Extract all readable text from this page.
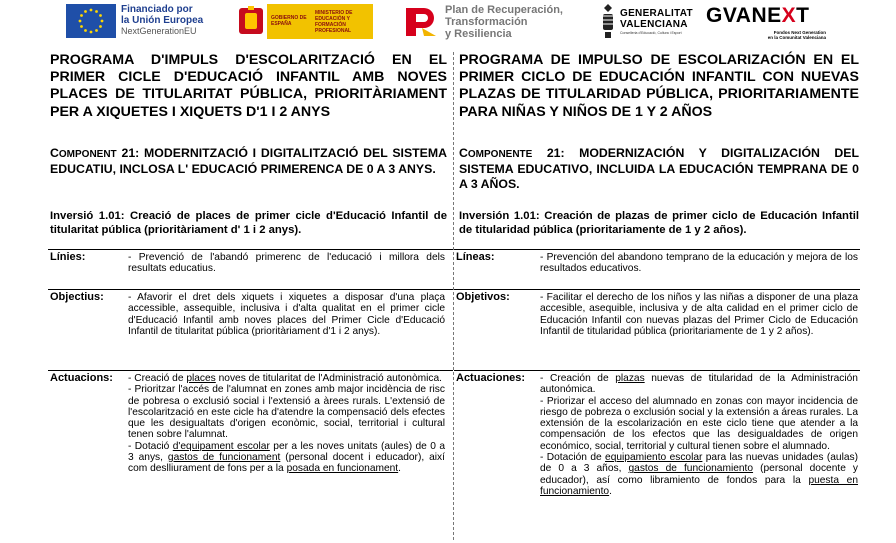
Financiado por
la Unión Europea
NextGenerationEU
GOBIERNO DE ESPAÑA
MINISTERIO DE EDUCACIÓN Y FORMACIÓN PROFESIONAL
Plan de Recuperación,
Transformación
y Resiliencia
GENERALITAT
VALENCIANA
Conselleria d'Educació, Cultura i Esport
GVANEXT
Fondos Next Generation
en la Comunitat Valenciana
PROGRAMA D'IMPULS D'ESCOLARITZACIÓ EN EL PRIMER CICLE D'EDUCACIÓ INFANTIL AMB NOVES PLACES DE TITULARITAT PÚBLICA, PRIORITÀRIAMENT PER A XIQUETES I XIQUETS D'1 I 2 ANYS
COMPONENT 21: MODERNITZACIÓ I DIGITALITZACIÓ DEL SISTEMA EDUCATIU, INCLOSA L' EDUCACIÓ PRIMERENCA DE 0 A 3 ANYS.
Inversió 1.01: Creació de places de primer cicle d'Educació Infantil de titularitat pública (prioritàriament d' 1 i 2 anys).
Línies:	- Prevenció de l'abandó primerenc de l'educació i millora dels resultats educatius.
Objectius: - Afavorir el dret dels xiquets i xiquetes a disposar d'una plaça accessible, assequible, inclusiva i d'alta qualitat en el primer cicle d'Educació Infantil amb noves places del Primer Cicle d'Educació Infantil de titularitat pública (prioritàriament d'1 i 2 anys).
Actuacions: - Creació de places noves de titularitat de l'Administració autonòmica.
- Prioritzar l'accés de l'alumnat en zones amb major incidència de risc de pobresa o exclusió social i l'extensió a àrees rurals. L'extensió de l'escolarització en este cicle ha d'atendre la compensació dels efectes que les desigualtats d'origen econòmic, social, territorial i cultural tenen sobre l'alumnat.
- Dotació d'equipament escolar per a les noves unitats (aules) de 0 a 3 anys, gastos de funcionament (personal docent i educador), així com deslliurament de fons per a la posada en funcionament.
PROGRAMA DE IMPULSO DE ESCOLARIZACIÓN EN EL PRIMER CICLO DE EDUCACIÓN INFANTIL CON NUEVAS PLAZAS DE TITULARIDAD PÚBLICA, PRIORITARIAMENTE PARA NIÑAS Y NIÑOS DE 1 Y 2 AÑOS
COMPONENTE 21: MODERNIZACIÓN Y DIGITALIZACIÓN DEL SISTEMA EDUCATIVO, INCLUIDA LA EDUCACIÓN TEMPRANA DE 0 A 3 AÑOS.
Inversión 1.01: Creación de plazas de primer ciclo de Educación Infantil de titularidad pública (prioritariamente de 1 y 2 años).
Líneas:	- Prevención del abandono temprano de la educación y mejora de los resultados educativos.
Objetivos:	- Facilitar el derecho de los niños y las niñas a disponer de una plaza accesible, asequible, inclusiva y de alta calidad en el primer ciclo de Educación Infantil con nuevas plazas del Primer Ciclo de Educación Infantil de titularidad pública (prioritariamente de 1 y 2 años).
Actuaciones: - Creación de plazas nuevas de titularidad de la Administración autonómica.
- Priorizar el acceso del alumnado en zonas con mayor incidencia de riesgo de pobreza o exclusión social y la extensión a áreas rurales. La extensión de la escolarización en este ciclo tiene que atender a la compensación de los efectos que las desigualdades de origen económico, social, territorial y cultural tienen sobre el alumnado.
- Dotación de equipamiento escolar para las nuevas unidades (aulas) de 0 a 3 años, gastos de funcionamiento (personal docente y educador), así como libramiento de fondos para la puesta en funcionamiento.
